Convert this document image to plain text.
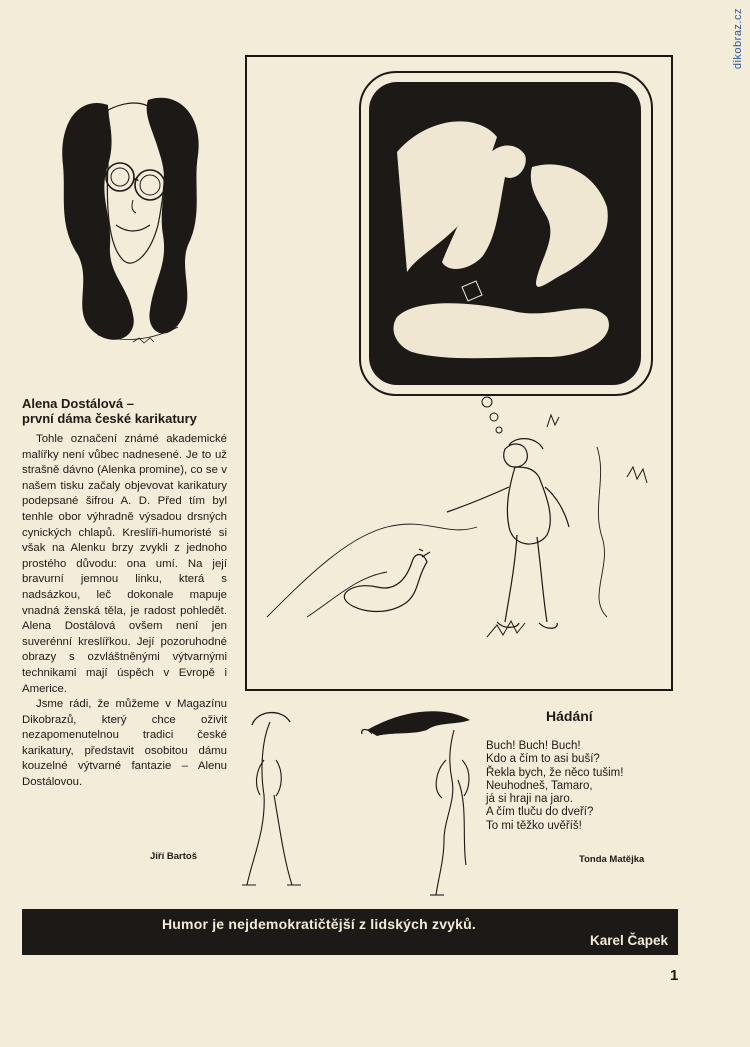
dikobraz.cz
Alena Dostálová –
první dáma české karikatury

Tohle označení známé akademické malířky není vůbec nadnesené. Je to už strašně dávno (Alenka promine), co se v našem tisku začaly objevovat karikatury podepsané šifrou A. D. Před tím byl tenhle obor výhradně výsadou drsných cynických chlapů. Kreslíři-humoristé si však na Alenku brzy zvykli z jednoho prostého důvodu: ona umí. Na její bravurní jemnou linku, která s nadsázkou, leč dokonale mapuje vnadná ženská těla, je radost pohledět. Alena Dostálová ovšem není jen suverénní kreslířkou. Její pozoruhodné obrazy s ozvláštněnými výtvarnými technikami mají úspěch v Evropě i Americe.

Jsme rádi, že můžeme v Magazínu Dikobrazů, který chce oživit nezapomenutelnou tradici české karikatury, představit osobitou dámu kouzelné výtvarné fantazie – Alenu Dostálovou.

Jiří Bartoš
Hádání
Buch! Buch! Buch!
Kdo a čím to asi buší?
Řekla bych, že něco tušim!
Neuhodneš, Tamaro,
já si hraji na jaro.
A čím tluču do dveří?
To mi těžko uvěříš!
Tonda Matějka
Humor je nejdemokratičtější z lidských zvyků.
Karel Čapek
1
